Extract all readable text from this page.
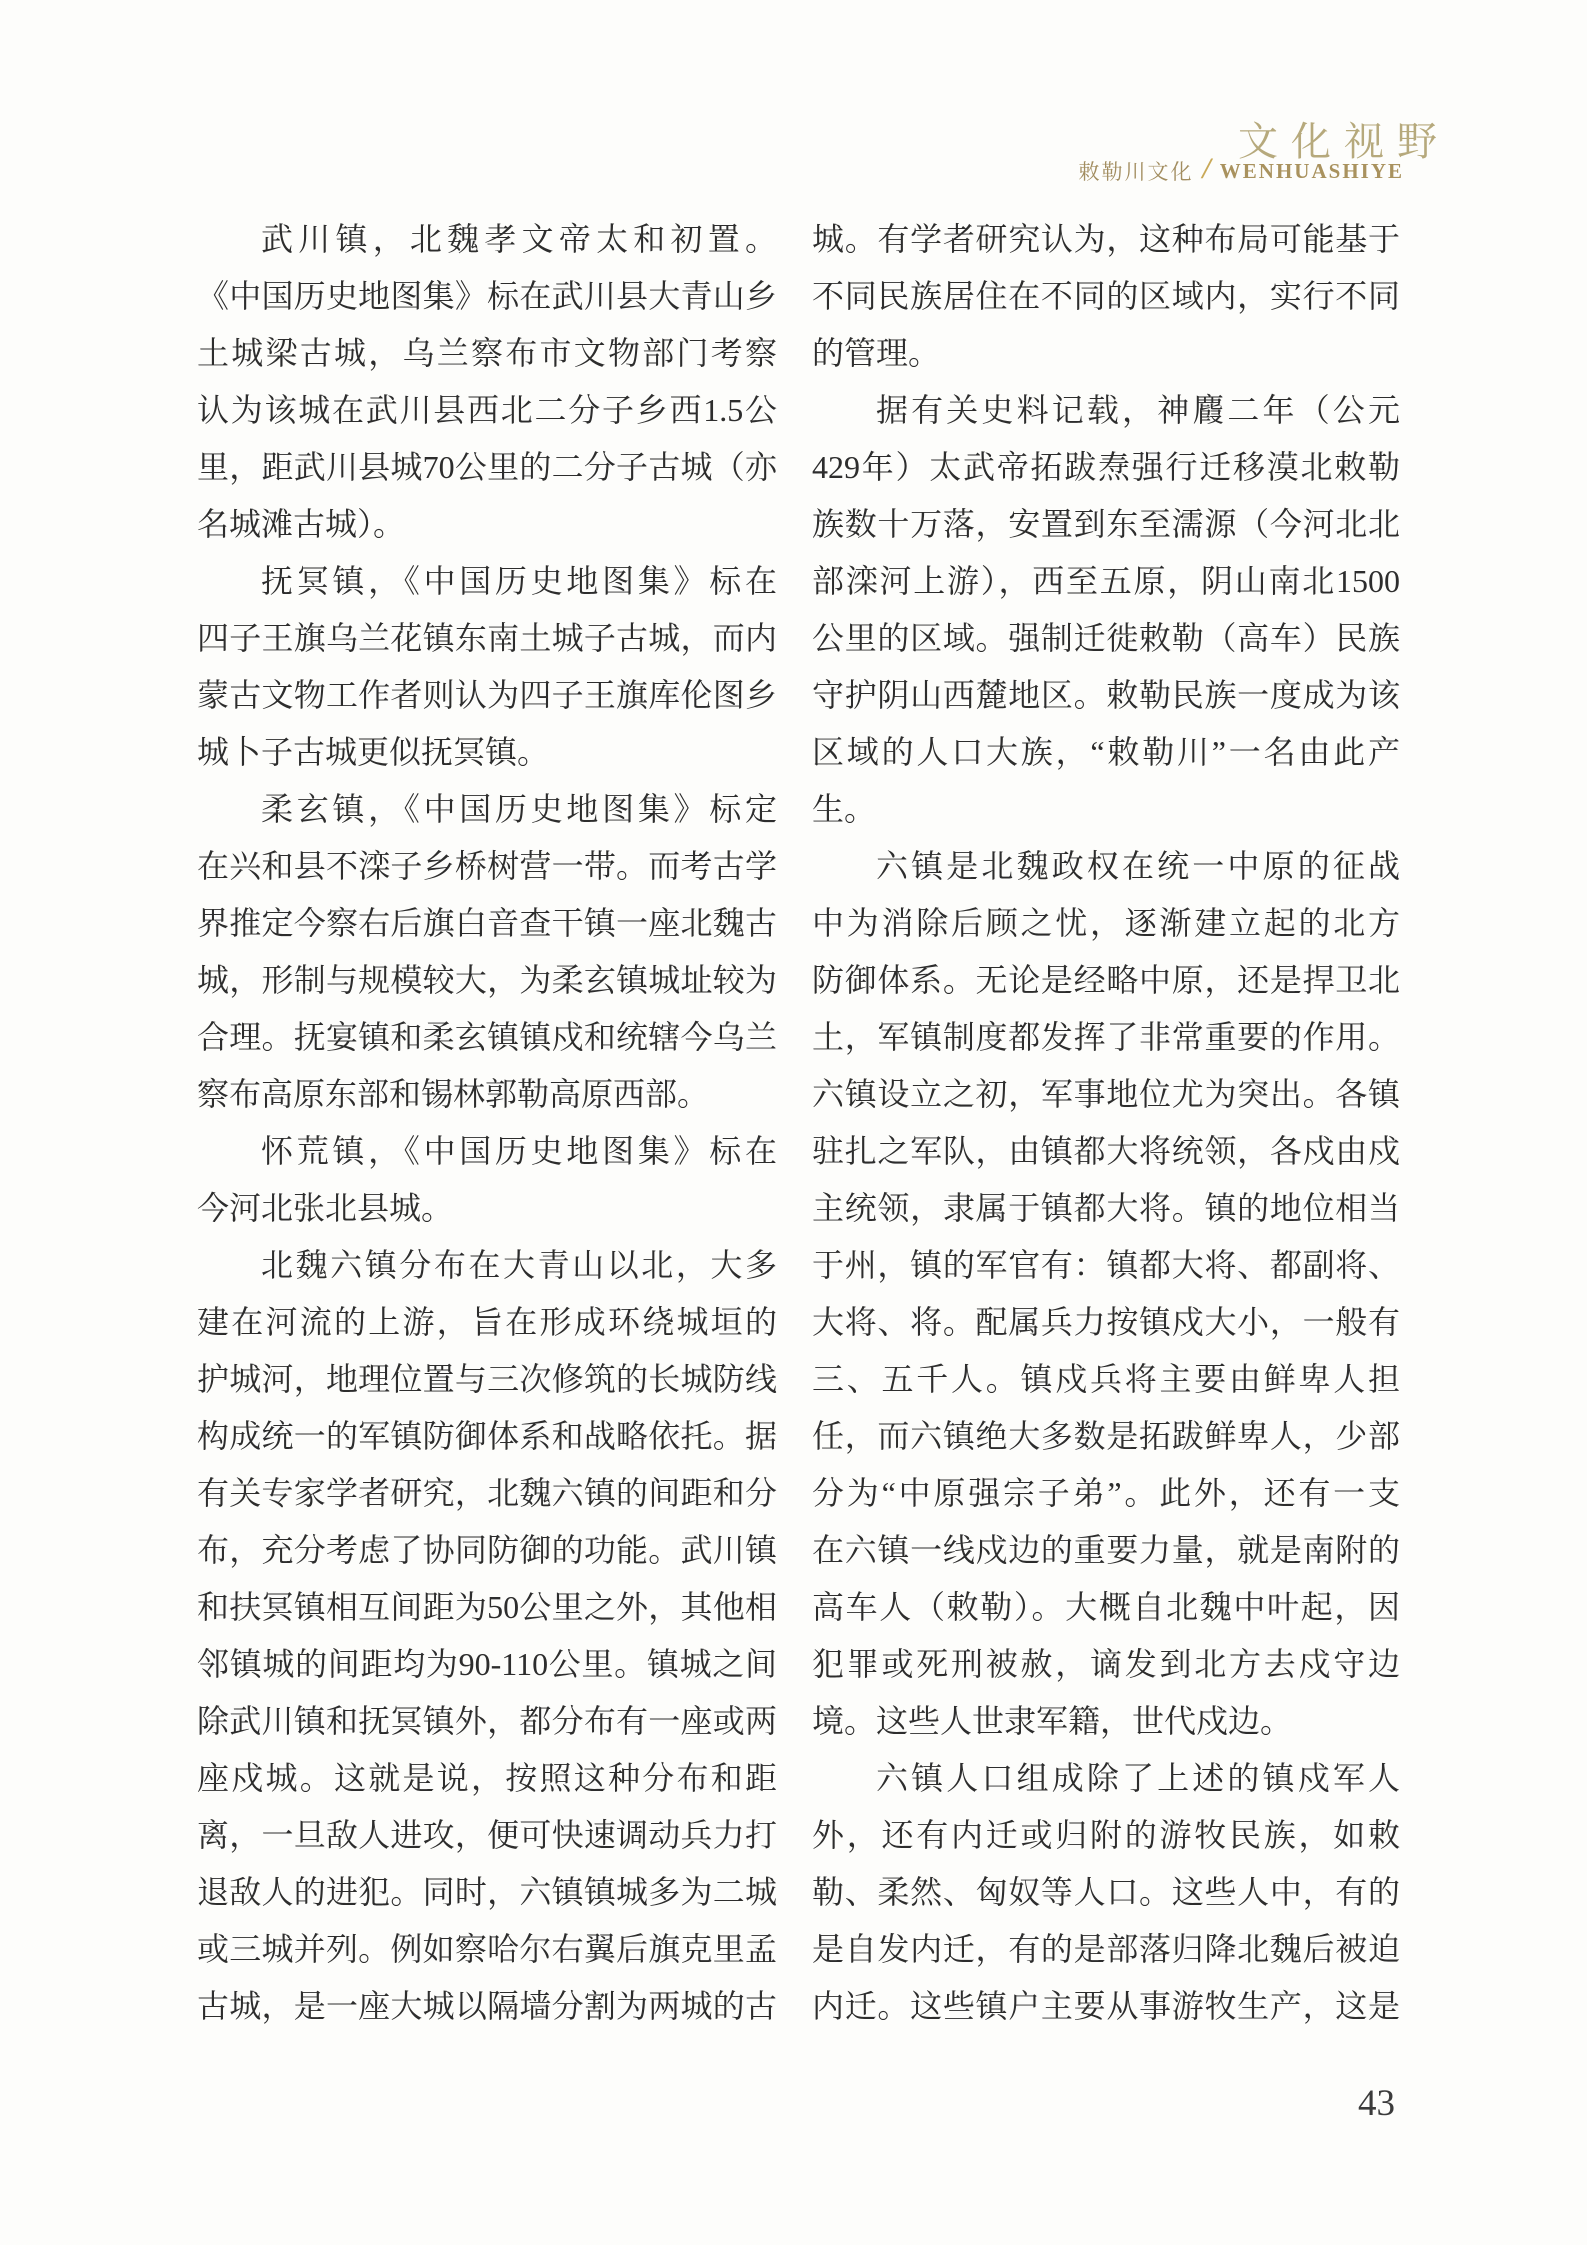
文化视野
敕勒川文化 / WENHUASHIYE
武川镇，北魏孝文帝太和初置。
《中国历史地图集》标在武川县大青山乡
土城梁古城，乌兰察布市文物部门考察
认为该城在武川县西北二分子乡西1.5公
里，距武川县城70公里的二分子古城（亦
名城滩古城）。
抚冥镇，《中国历史地图集》标在
四子王旗乌兰花镇东南土城子古城，而内
蒙古文物工作者则认为四子王旗库伦图乡
城卜子古城更似抚冥镇。
柔玄镇，《中国历史地图集》标定
在兴和县不滦子乡桥树营一带。而考古学
界推定今察右后旗白音查干镇一座北魏古
城，形制与规模较大，为柔玄镇城址较为
合理。抚宴镇和柔玄镇镇戍和统辖今乌兰
察布高原东部和锡林郭勒高原西部。
怀荒镇，《中国历史地图集》标在
今河北张北县城。
北魏六镇分布在大青山以北，大多
建在河流的上游，旨在形成环绕城垣的
护城河，地理位置与三次修筑的长城防线
构成统一的军镇防御体系和战略依托。据
有关专家学者研究，北魏六镇的间距和分
布，充分考虑了协同防御的功能。武川镇
和扶冥镇相互间距为50公里之外，其他相
邻镇城的间距均为90-110公里。镇城之间
除武川镇和抚冥镇外，都分布有一座或两
座戍城。这就是说，按照这种分布和距
离，一旦敌人进攻，便可快速调动兵力打
退敌人的进犯。同时，六镇镇城多为二城
或三城并列。例如察哈尔右翼后旗克里孟
古城，是一座大城以隔墙分割为两城的古
城。有学者研究认为，这种布局可能基于
不同民族居住在不同的区域内，实行不同
的管理。
据有关史料记载，神麚二年（公元
429年）太武帝拓跋焘强行迁移漠北敕勒
族数十万落，安置到东至濡源（今河北北
部滦河上游），西至五原，阴山南北1500
公里的区域。强制迁徙敕勒（高车）民族
守护阴山西麓地区。敕勒民族一度成为该
区域的人口大族，“敕勒川”一名由此产
生。
六镇是北魏政权在统一中原的征战
中为消除后顾之忧，逐渐建立起的北方
防御体系。无论是经略中原，还是捍卫北
土，军镇制度都发挥了非常重要的作用。
六镇设立之初，军事地位尤为突出。各镇
驻扎之军队，由镇都大将统领，各戍由戍
主统领，隶属于镇都大将。镇的地位相当
于州，镇的军官有：镇都大将、都副将、
大将、将。配属兵力按镇戍大小，一般有
三、五千人。镇戍兵将主要由鲜卑人担
任，而六镇绝大多数是拓跋鲜卑人，少部
分为“中原强宗子弟”。此外，还有一支
在六镇一线戍边的重要力量，就是南附的
高车人（敕勒）。大概自北魏中叶起，因
犯罪或死刑被赦，谪发到北方去戍守边
境。这些人世隶军籍，世代戍边。
六镇人口组成除了上述的镇戍军人
外，还有内迁或归附的游牧民族，如敕
勒、柔然、匈奴等人口。这些人中，有的
是自发内迁，有的是部落归降北魏后被迫
内迁。这些镇户主要从事游牧生产，这是
43
